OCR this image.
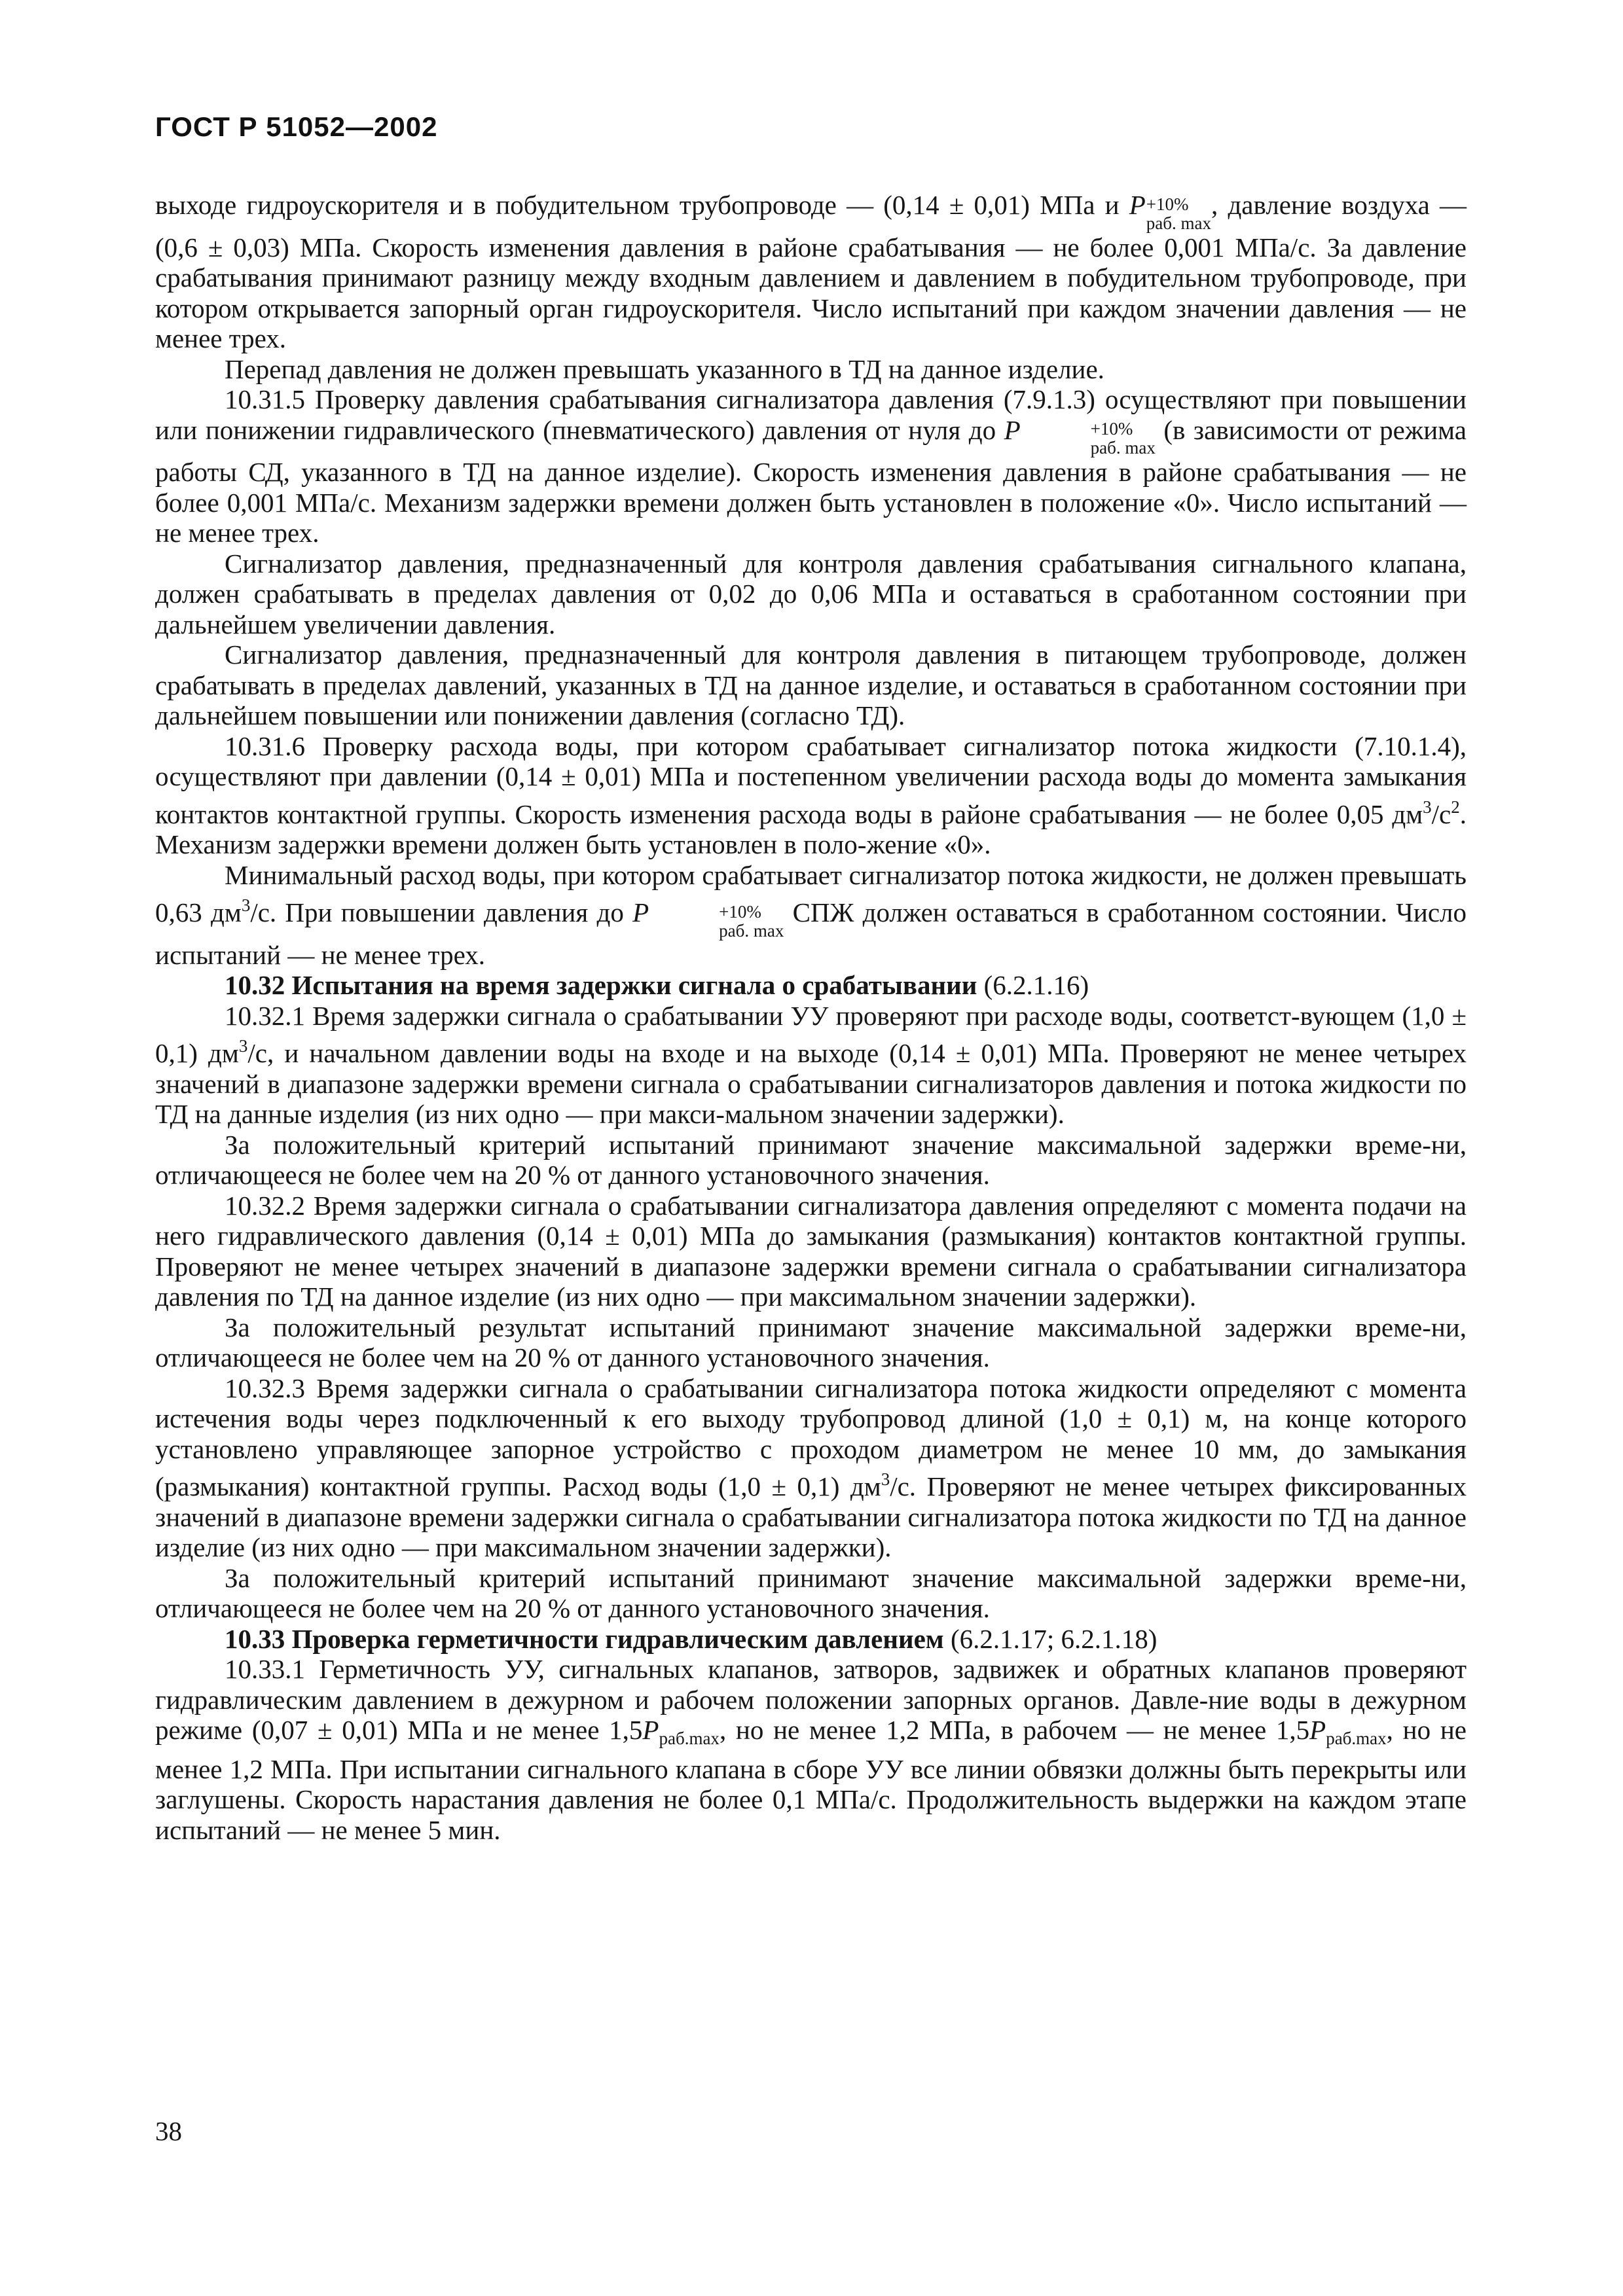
ГОСТ Р 51052—2002

выходе гидроускорителя и в побудительном трубопроводе — (0,14 ± 0,01) МПа и P +10%
раб. max
, давление воздуха — (0,6 ± 0,03) МПа. Скорость изменения давления в районе срабатывания — не более 0,001 МПа/с. За давление срабатывания принимают разницу между входным давлением и давлением в побудительном трубопроводе, при котором открывается запорный орган гидроускорителя. Число испытаний при каждом значении давления — не менее трех.

Перепад давления не должен превышать указанного в ТД на данное изделие.

10.31.5 Проверку давления срабатывания сигнализатора давления (7.9.1.3) осуществляют при повышении или понижении гидравлического (пневматического) давления от нуля до P	+10%
раб. max
(в зависимости от режима работы СД, указанного в ТД на данное изделие). Скорость изменения давления в районе срабатывания — не более 0,001 МПа/с. Механизм задержки времени должен быть установлен в положение «0». Число испытаний — не менее трех.

Сигнализатор давления, предназначенный для контроля давления срабатывания сигнального клапана, должен срабатывать в пределах давления от 0,02 до 0,06 МПа и оставаться в сработанном состоянии при дальнейшем увеличении давления.

Сигнализатор давления, предназначенный для контроля давления в питающем трубопроводе, должен срабатывать в пределах давлений, указанных в ТД на данное изделие, и оставаться в сработанном состоянии при дальнейшем повышении или понижении давления (согласно ТД).

10.31.6 Проверку расхода воды, при котором срабатывает сигнализатор потока жидкости (7.10.1.4), осуществляют при давлении (0,14 ± 0,01) МПа и постепенном увеличении расхода воды до момента замыкания контактов контактной группы. Скорость изменения расхода воды в районе срабатывания — не более 0,05 $дм^3/с^2$. Механизм задержки времени должен быть установлен в поло-жение «0».

Минимальный расход воды, при котором срабатывает сигнализатор потока жидкости, не должен превышать 0,63 $дм^3/с$. При повышении давления до P	+10%
раб. max
СПЖ должен оставаться в сработанном состоянии. Число испытаний — не менее трех.

10.32 Испытания на время задержки сигнала о срабатывании (6.2.1.16)

10.32.1 Время задержки сигнала о срабатывании УУ проверяют при расходе воды, соответст-вующем (1,0 ± 0,1) $дм^3/с$, и начальном давлении воды на входе и на выходе (0,14 ± 0,01) МПа. Проверяют не менее четырех значений в диапазоне задержки времени сигнала о срабатывании сигнализаторов давления и потока жидкости по ТД на данные изделия (из них одно — при макси-мальном значении задержки).

За положительный критерий испытаний принимают значение максимальной задержки време-ни, отличающееся не более чем на 20 % от данного установочного значения.

10.32.2 Время задержки сигнала о срабатывании сигнализатора давления определяют с момента подачи на него гидравлического давления (0,14 ± 0,01) МПа до замыкания (размыкания) контактов контактной группы. Проверяют не менее четырех значений в диапазоне задержки времени сигнала о срабатывании сигнализатора давления по ТД на данное изделие (из них одно — при максимальном значении задержки).

За положительный результат испытаний принимают значение максимальной задержки време-ни, отличающееся не более чем на 20 % от данного установочного значения.

10.32.3 Время задержки сигнала о срабатывании сигнализатора потока жидкости определяют с момента истечения воды через подключенный к его выходу трубопровод длиной (1,0 ± 0,1) м, на конце которого установлено управляющее запорное устройство с проходом диаметром не менее 10 мм, до замыкания (размыкания) контактной группы. Расход воды (1,0 ± 0,1) $дм^3/с$. Проверяют не менее четырех фиксированных значений в диапазоне времени задержки сигнала о срабатывании сигнализатора потока жидкости по ТД на данное изделие (из них одно — при максимальном значении задержки).

За положительный критерий испытаний принимают значение максимальной задержки време-ни, отличающееся не более чем на 20 % от данного установочного значения.

10.33 Проверка герметичности гидравлическим давлением (6.2.1.17; 6.2.1.18)

10.33.1 Герметичность УУ, сигнальных клапанов, затворов, задвижек и обратных клапанов проверяют гидравлическим давлением в дежурном и рабочем положении запорных органов. Давле-ние воды в дежурном режиме (0,07 ± 0,01) МПа и не менее 1,5Pраб.max, но не менее 1,2 МПа, в рабочем — не менее 1,5Pраб.max, но не менее 1,2 МПа. При испытании сигнального клапана в сборе УУ все линии обвязки должны быть перекрыты или заглушены. Скорость нарастания давления не более 0,1 МПа/с. Продолжительность выдержки на каждом этапе испытаний — не менее 5 мин.

38
